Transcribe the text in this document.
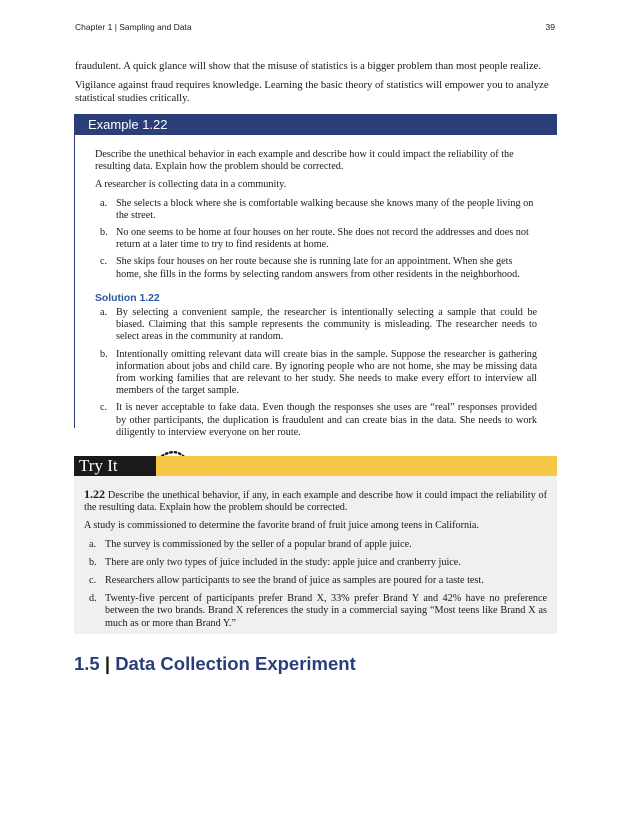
Chapter 1 | Sampling and Data	39

fraudulent. A quick glance will show that the misuse of statistics is a bigger problem than most people realize.

Vigilance against fraud requires knowledge. Learning the basic theory of statistics will empower you to analyze statistical studies critically.

Example 1.22

Describe the unethical behavior in each example and describe how it could impact the reliability of the resulting data. Explain how the problem should be corrected.

A researcher is collecting data in a community.

a. She selects a block where she is comfortable walking because she knows many of the people living on the street.
b. No one seems to be home at four houses on her route. She does not record the addresses and does not return at a later time to try to find residents at home.
c. She skips four houses on her route because she is running late for an appointment. When she gets home, she fills in the forms by selecting random answers from other residents in the neighborhood.
Solution 1.22
a. By selecting a convenient sample, the researcher is intentionally selecting a sample that could be biased. Claiming that this sample represents the community is misleading. The researcher needs to select areas in the community at random.
b. Intentionally omitting relevant data will create bias in the sample. Suppose the researcher is gathering information about jobs and child care. By ignoring people who are not home, she may be missing data from working families that are relevant to her study. She needs to make every effort to interview all members of the target sample.
c. It is never acceptable to fake data. Even though the responses she uses are “real” responses provided by other participants, the duplication is fraudulent and can create bias in the data. She needs to work diligently to interview everyone on her route.
Try It	Σ

1.22 Describe the unethical behavior, if any, in each example and describe how it could impact the reliability of the resulting data. Explain how the problem should be corrected.

A study is commissioned to determine the favorite brand of fruit juice among teens in California.

a. The survey is commissioned by the seller of a popular brand of apple juice.
b. There are only two types of juice included in the study: apple juice and cranberry juice.
c. Researchers allow participants to see the brand of juice as samples are poured for a taste test.
d. Twenty-five percent of participants prefer Brand X, 33% prefer Brand Y and 42% have no preference between the two brands. Brand X references the study in a commercial saying “Most teens like Brand X as much as or more than Brand Y.”
1.5 | Data Collection Experiment
